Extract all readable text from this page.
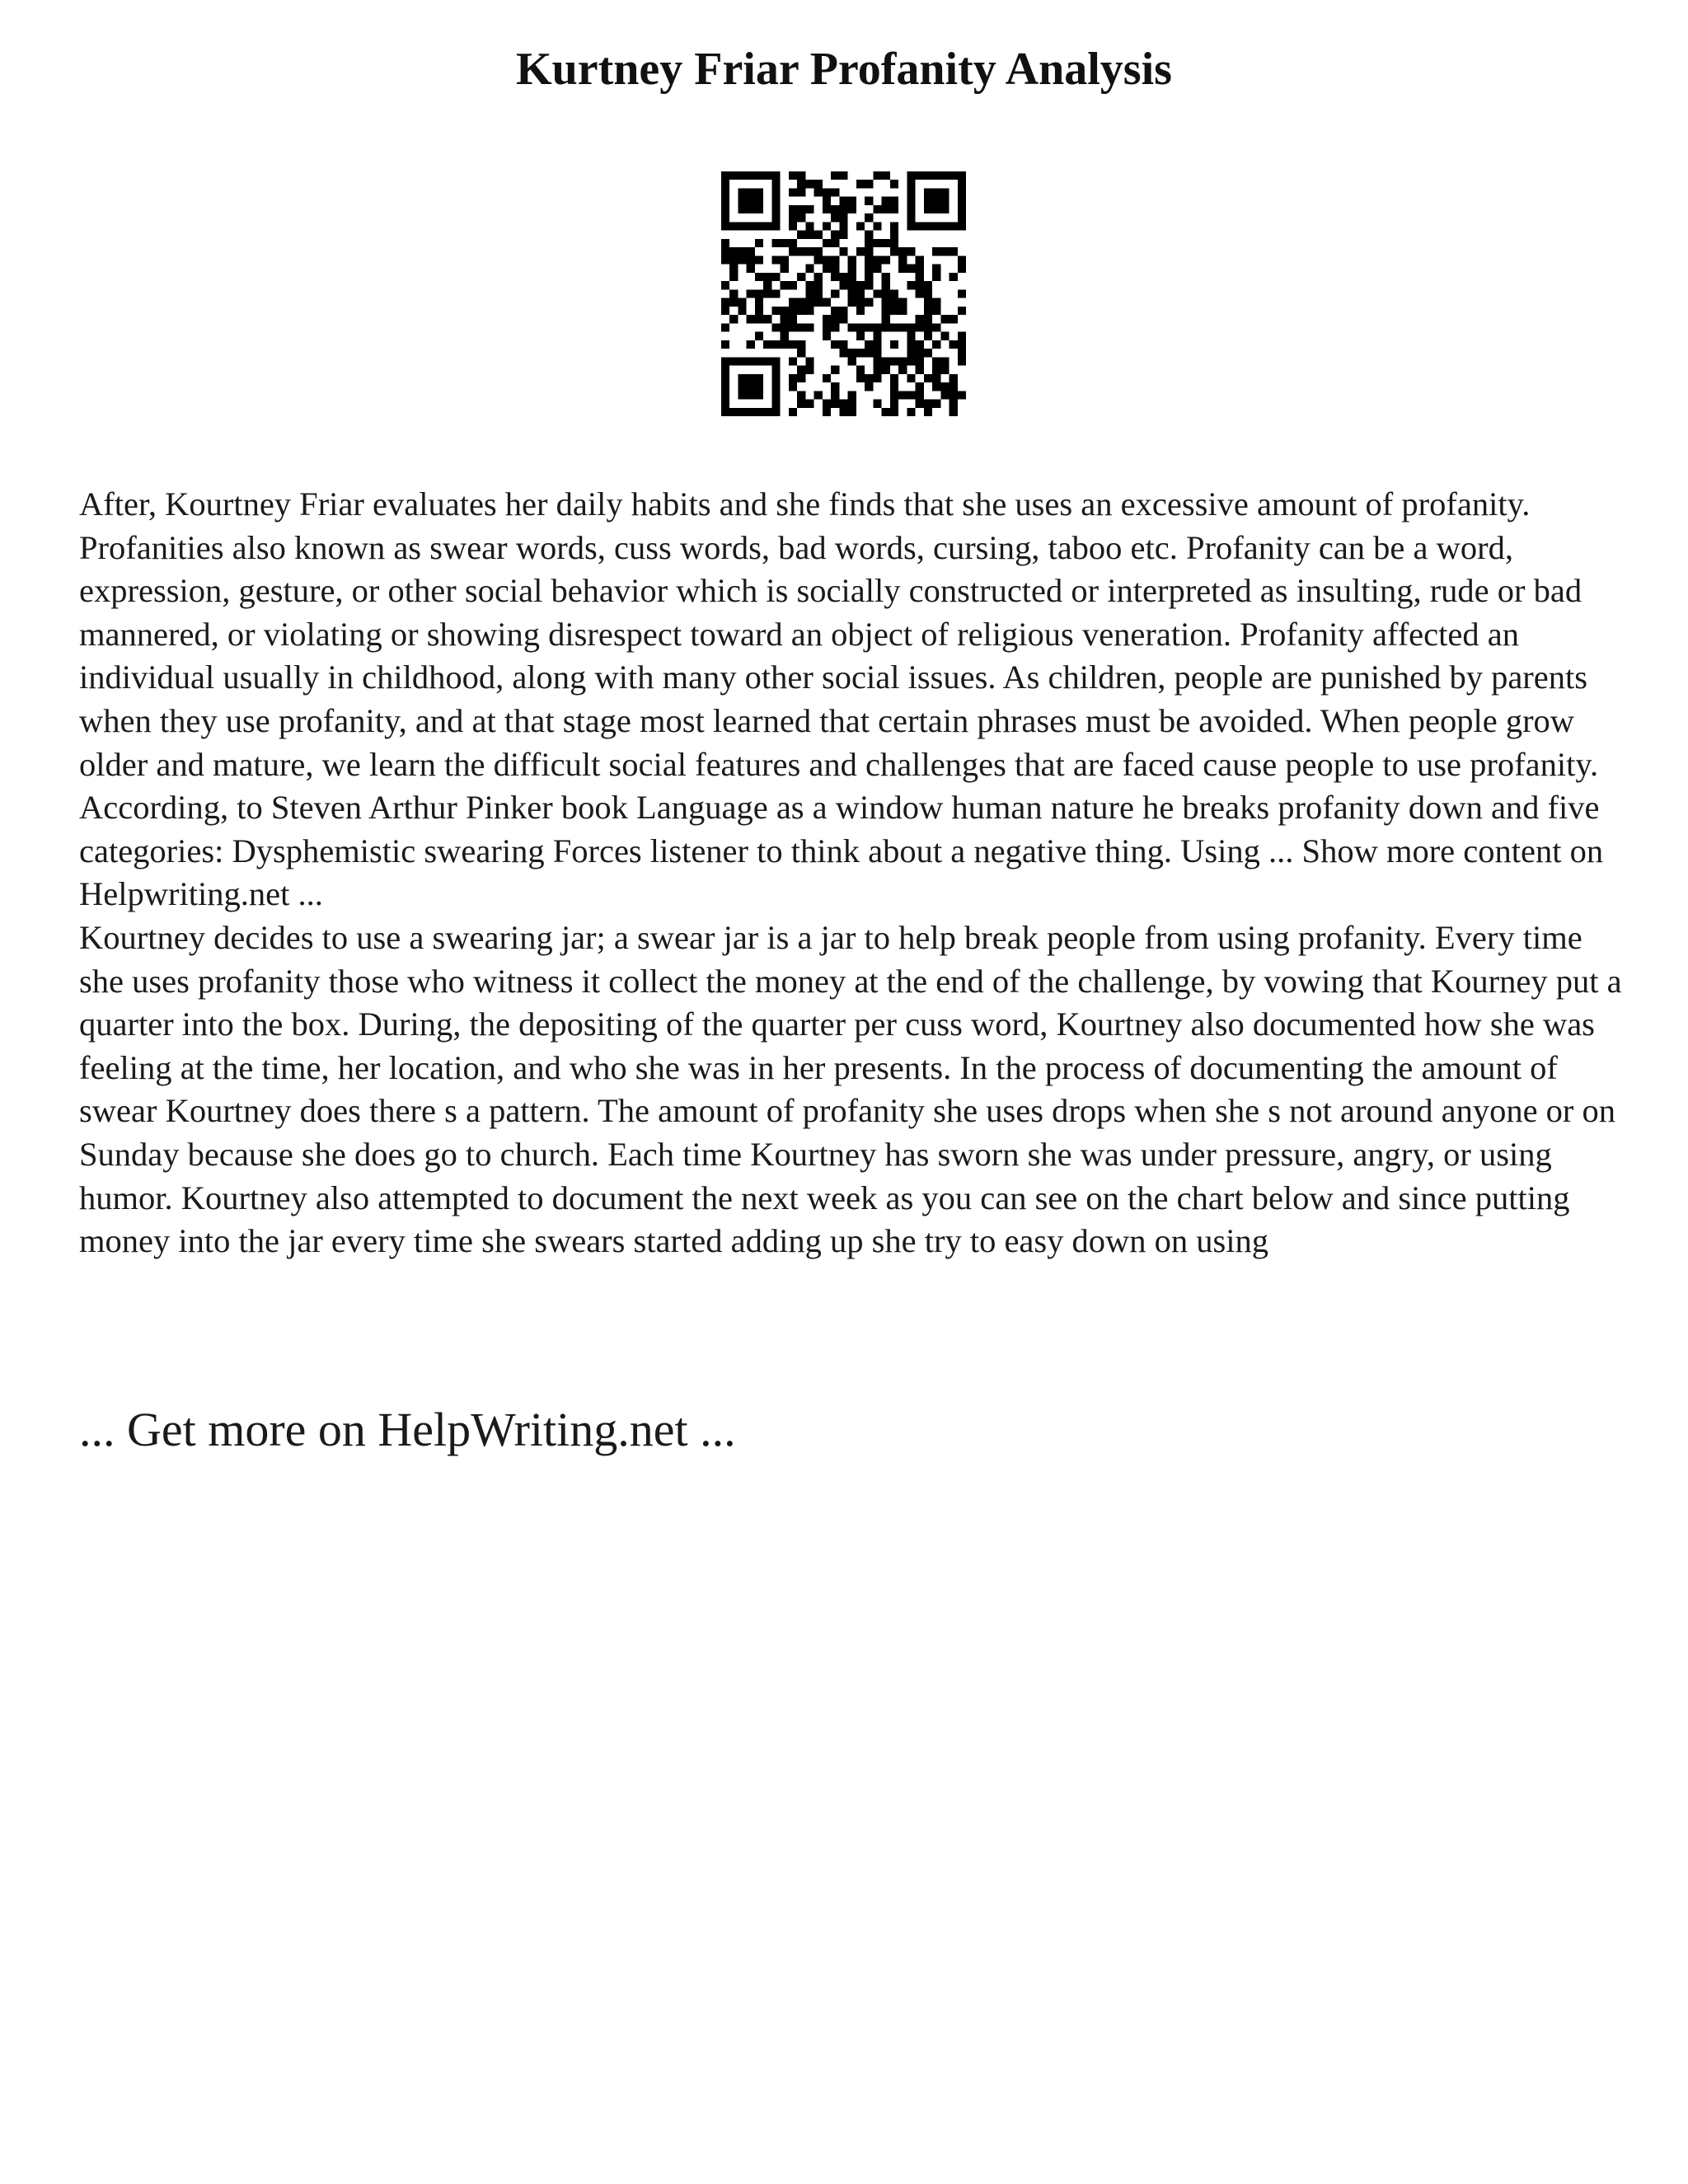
Kurtney Friar Profanity Analysis

After, Kourtney Friar evaluates her daily habits and she finds that she uses an excessive amount of profanity. Profanities also known as swear words, cuss words, bad words, cursing, taboo etc. Profanity can be a word, expression, gesture, or other social behavior which is socially constructed or interpreted as insulting, rude or bad mannered, or violating or showing disrespect toward an object of religious veneration. Profanity affected an individual usually in childhood, along with many other social issues. As children, people are punished by parents when they use profanity, and at that stage most learned that certain phrases must be avoided. When people grow older and mature, we learn the difficult social features and challenges that are faced cause people to use profanity.

According, to Steven Arthur Pinker book Language as a window human nature he breaks profanity down and five categories: Dysphemistic swearing Forces listener to think about a negative thing. Using ... Show more content on Helpwriting.net ...

Kourtney decides to use a swearing jar; a swear jar is a jar to help break people from using profanity. Every time she uses profanity those who witness it collect the money at the end of the challenge, by vowing that Kourney put a quarter into the box. During, the depositing of the quarter per cuss word, Kourtney also documented how she was feeling at the time, her location, and who she was in her presents. In the process of documenting the amount of swear Kourtney does there s a pattern. The amount of profanity she uses drops when she s not around anyone or on Sunday because she does go to church. Each time Kourtney has sworn she was under pressure, angry, or using humor. Kourtney also attempted to document the next week as you can see on the chart below and since putting money into the jar every time she swears started adding up she try to easy down on using

... Get more on HelpWriting.net ...
